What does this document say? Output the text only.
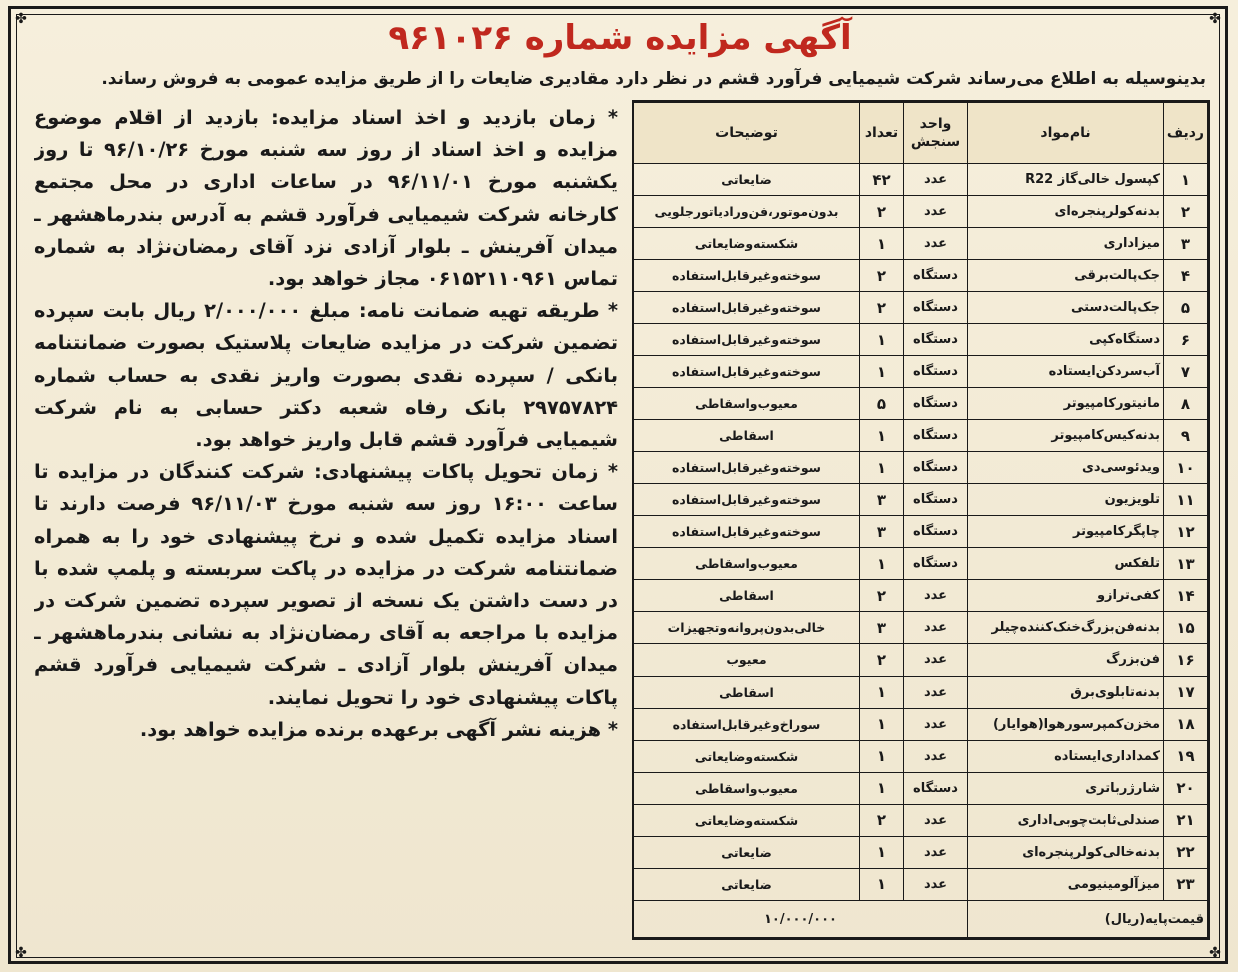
✤	✤
✤	✤
آگهی مزایده شماره ۹۶۱۰۲۶
بدینوسیله به اطلاع می‌رساند شرکت شیمیایی فرآورد قشم در نظر دارد مقادیری ضایعات را از طریق مزایده عمومی به فروش رساند.
ردیف	نام‌مواد	واحد سنجش	تعداد	توضیحات
۱	کپسول خالی‌گاز R22	عدد	۴۲	ضایعاتی
۲	بدنه‌کولرپنجره‌ای	عدد	۲	بدون‌موتور،فن‌ورادیاتورجلویی
۳	میزاداری	عدد	۱	شکسته‌وضایعاتی
۴	جک‌پالت‌برقی	دستگاه	۲	سوخته‌وغیرقابل‌استفاده
۵	جک‌پالت‌دستی	دستگاه	۲	سوخته‌وغیرقابل‌استفاده
۶	دستگاه‌کپی	دستگاه	۱	سوخته‌وغیرقابل‌استفاده
۷	آب‌سردکن‌ایستاده	دستگاه	۱	سوخته‌وغیرقابل‌استفاده
۸	مانیتورکامپیوتر	دستگاه	۵	معیوب‌واسقاطی
۹	بدنه‌کیس‌کامپیوتر	دستگاه	۱	اسقاطی
۱۰	ویدئوسی‌دی	دستگاه	۱	سوخته‌وغیرقابل‌استفاده
۱۱	تلویزیون	دستگاه	۳	سوخته‌وغیرقابل‌استفاده
۱۲	چاپگرکامپیوتر	دستگاه	۳	سوخته‌وغیرقابل‌استفاده
۱۳	تلفکس	دستگاه	۱	معیوب‌واسقاطی
۱۴	کفی‌ترازو	عدد	۲	اسقاطی
۱۵	بدنه‌فن‌بزرگ‌خنک‌کننده‌چیلر	عدد	۳	خالی‌بدون‌پروانه‌وتجهیزات
۱۶	فن‌بزرگ	عدد	۲	معیوب
۱۷	بدنه‌تابلوی‌برق	عدد	۱	اسقاطی
۱۸	مخزن‌کمپرسورهوا(هوایار)	عدد	۱	سوراخ‌وغیرقابل‌استفاده
۱۹	کمداداری‌ایستاده	عدد	۱	شکسته‌وضایعاتی
۲۰	شارژرباتری	دستگاه	۱	معیوب‌واسقاطی
۲۱	صندلی‌ثابت‌چوبی‌اداری	عدد	۲	شکسته‌وضایعاتی
۲۲	بدنه‌خالی‌کولرپنجره‌ای	عدد	۱	ضایعاتی
۲۳	میزآلومینیومی	عدد	۱	ضایعاتی
قیمت‌پایه(ریال)		۱۰/۰۰۰/۰۰۰		

* زمان بازدید و اخذ اسناد مزایده: بازدید از اقلام موضوع مزایده و اخذ اسناد از روز سه شنبه مورخ ۹۶/۱۰/۲۶ تا روز یکشنبه مورخ ۹۶/۱۱/۰۱ در ساعات اداری در محل مجتمع کارخانه شرکت شیمیایی فرآورد قشم به آدرس بندرماهشهر ـ میدان آفرینش ـ بلوار آزادی نزد آقای رمضان‌نژاد به شماره تماس ۰۶۱۵۲۱۱۰۹۶۱ مجاز خواهد بود.

* طریقه تهیه ضمانت نامه: مبلغ ۲/۰۰۰/۰۰۰ ریال بابت سپرده تضمین شرکت در مزایده ضایعات پلاستیک بصورت ضمانتنامه بانکی / سپرده نقدی بصورت واریز نقدی به حساب شماره ۲۹۷۵۷۸۲۴ بانک رفاه شعبه دکتر حسابی به نام شرکت شیمیایی فرآورد قشم قابل واریز خواهد بود.

* زمان تحویل پاکات پیشنهادی: شرکت کنندگان در مزایده تا ساعت ۱۶:۰۰ روز سه شنبه مورخ ۹۶/۱۱/۰۳ فرصت دارند تا اسناد مزایده تکمیل شده و نرخ پیشنهادی خود را به همراه ضمانتنامه شرکت در مزایده در پاکت سربسته و پلمپ شده با در دست داشتن یک نسخه از تصویر سپرده تضمین شرکت در مزایده با مراجعه به آقای رمضان‌نژاد به نشانی بندرماهشهر ـ میدان آفرینش بلوار آزادی ـ شرکت شیمیایی فرآورد قشم پاکات پیشنهادی خود را تحویل نمایند.

* هزینه نشر آگهی برعهده برنده مزایده خواهد بود.
